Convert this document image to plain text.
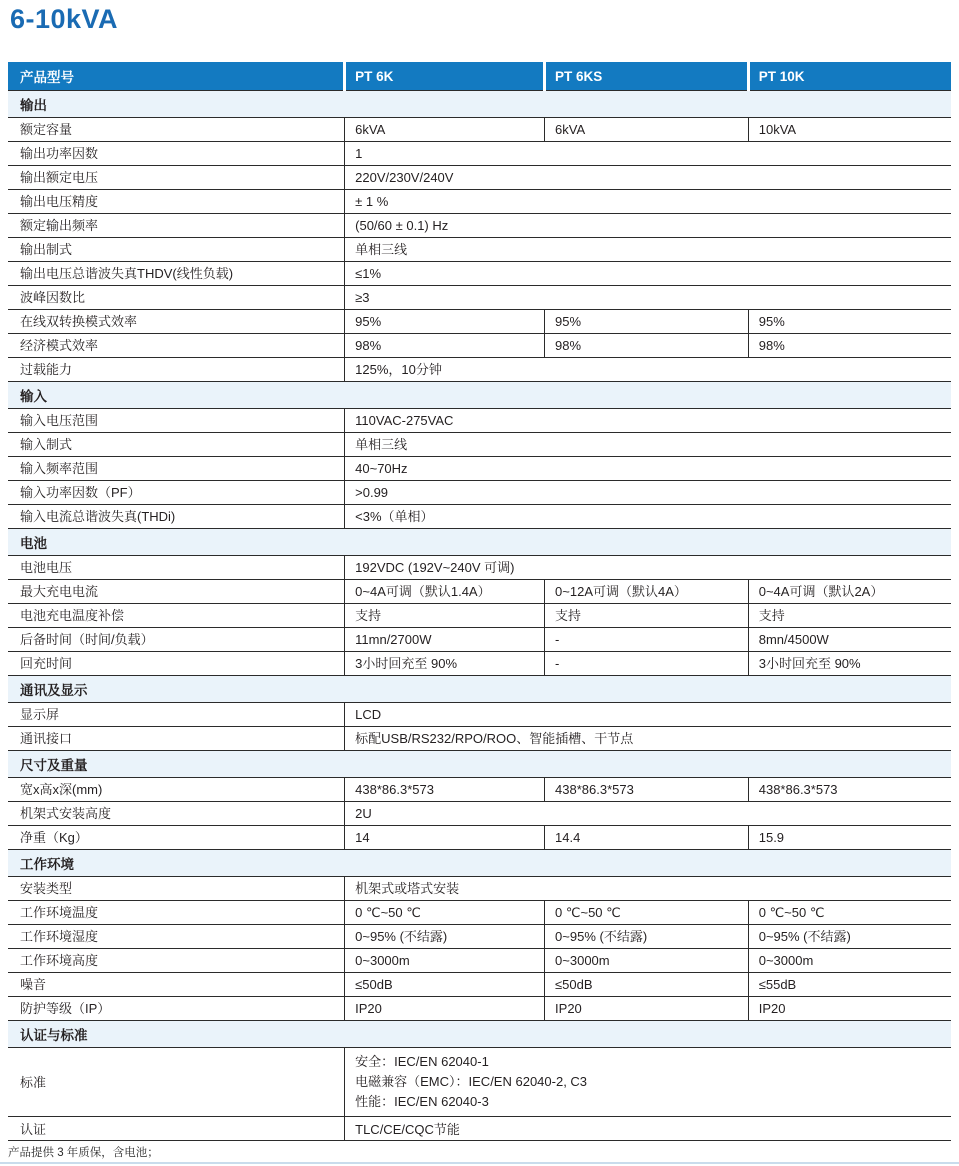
6-10kVA
产品型号	PT 6K	PT 6KS	PT 10K
输出			
额定容量	6kVA	6kVA	10kVA
输出功率因数	1		
输出额定电压	220V/230V/240V		
输出电压精度	± 1 %		
额定输出频率	(50/60 ± 0.1) Hz		
输出制式	单相三线		
输出电压总谐波失真THDV(线性负载)	≤1%		
波峰因数比	≥3		
在线双转换模式效率	95%	95%	95%
经济模式效率	98%	98%	98%
过载能力	125%，10分钟		
输入			
输入电压范围	110VAC-275VAC		
输入制式	单相三线		
输入频率范围	40~70Hz		
输入功率因数（PF）	>0.99		
输入电流总谐波失真(THDi)	<3%（单相）		
电池			
电池电压	192VDC (192V~240V 可调)		
最大充电电流	0~4A可调（默认1.4A）	0~12A可调（默认4A）	0~4A可调（默认2A）
电池充电温度补偿	支持	支持	支持
后备时间（时间/负载）	11mn/2700W	-	8mn/4500W
回充时间	3小时回充至 90%	-	3小时回充至 90%
通讯及显示			
显示屏	LCD		
通讯接口	标配USB/RS232/RPO/ROO、智能插槽、干节点		
尺寸及重量			
宽x高x深(mm)	438*86.3*573	438*86.3*573	438*86.3*573
机架式安装高度	2U		
净重（Kg）	14	14.4	15.9
工作环境			
安装类型	机架式或塔式安装		
工作环境温度	0 ℃~50 ℃	0 ℃~50 ℃	0 ℃~50 ℃
工作环境湿度	0~95% (不结露)	0~95% (不结露)	0~95% (不结露)
工作环境高度	0~3000m	0~3000m	0~3000m
噪音	≤50dB	≤50dB	≤55dB
防护等级（IP）	IP20	IP20	IP20
认证与标准			
标准	安全：IEC/EN 62040-1
电磁兼容（EMC）：IEC/EN 62040-2, C3
性能：IEC/EN 62040-3		

认证	TLC/CE/CQC节能		
产品提供 3 年质保，含电池；
